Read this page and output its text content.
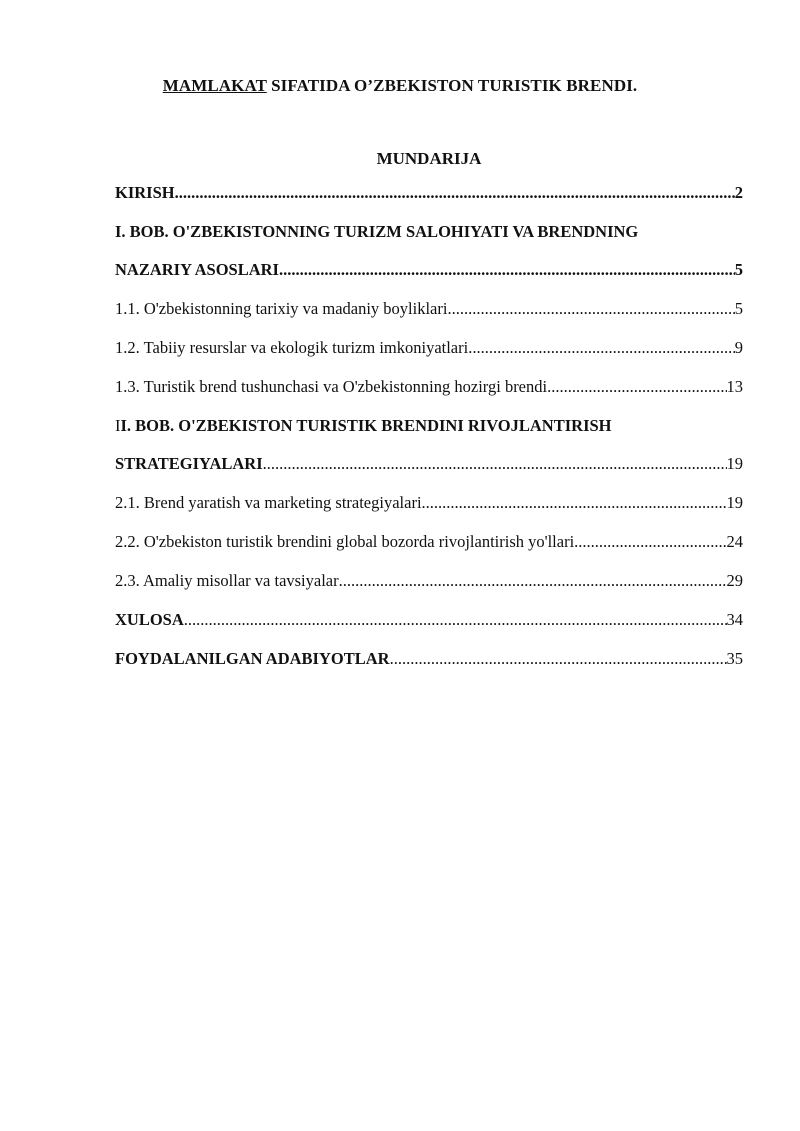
MAMLAKAT SIFATIDA O’ZBEKISTON TURISTIK BRENDI.
MUNDARIJA
KIRISH .....	2
I. BOB. O'ZBEKISTONNING TURIZM SALOHIYATI VA BRENDNING
NAZARIY ASOSLARI .....	5
1.1. O'zbekistonning tarixiy va madaniy boyliklari .....	5
1.2. Tabiiy resurslar va ekologik turizm imkoniyatlari .....	9
1.3. Turistik brend tushunchasi va O'zbekistonning hozirgi brendi .....	13
II. BOB. O'ZBEKISTON TURISTIK BRENDINI RIVOJLANTIRISH
STRATEGIYALARI .....	19
2.1. Brend yaratish va marketing strategiyalari .....	19
2.2. O'zbekiston turistik brendini global bozorda rivojlantirish yo'llari .....	24
2.3. Amaliy misollar va tavsiyalar .....	29
XULOSA .....	34
FOYDALANILGAN ADABIYOTLAR .....	35
